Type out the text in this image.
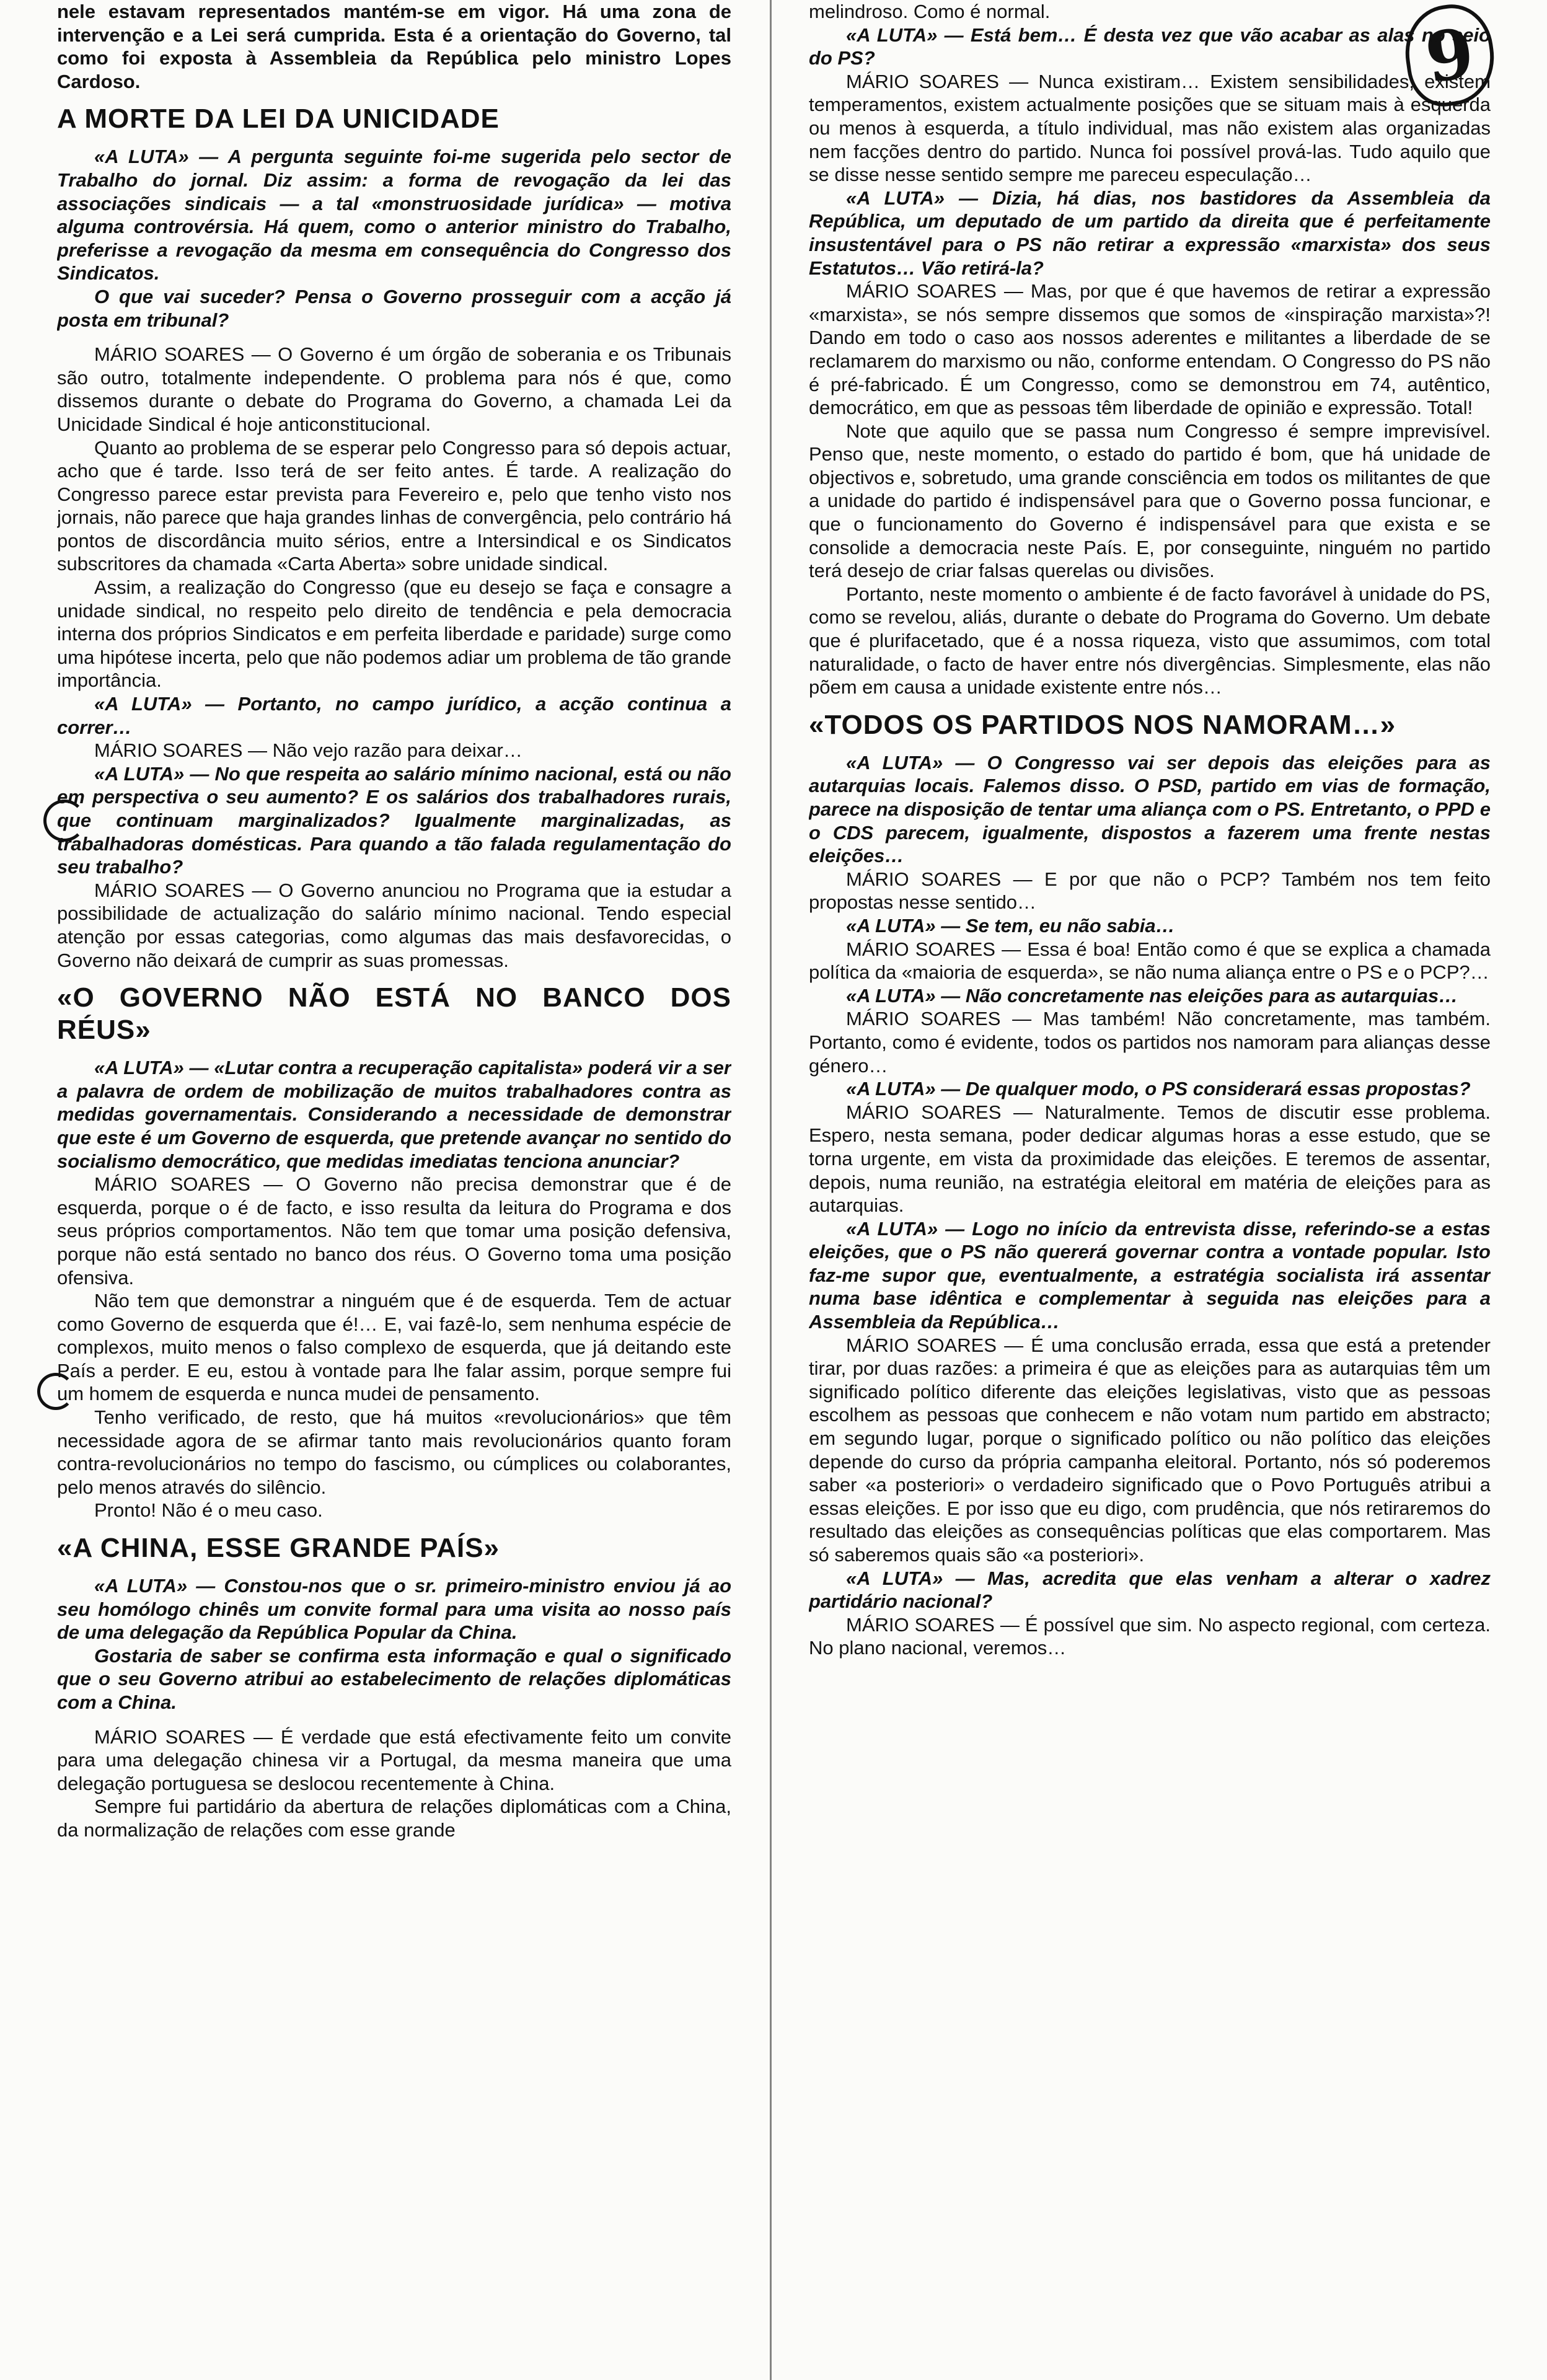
9

nele estavam representados mantém-se em vigor. Há uma zona de intervenção e a Lei será cumprida. Esta é a orientação do Governo, tal como foi exposta à Assembleia da República pelo ministro Lopes Cardoso.

A MORTE DA LEI DA UNICIDADE

«A LUTA» — A pergunta seguinte foi-me sugerida pelo sector de Trabalho do jornal. Diz assim: a forma de revogação da lei das associações sindicais — a tal «monstruosidade jurídica» — motiva alguma controvérsia. Há quem, como o anterior ministro do Trabalho, preferisse a revogação da mesma em consequência do Congresso dos Sindicatos.

O que vai suceder? Pensa o Governo prosseguir com a acção já posta em tribunal?

MÁRIO SOARES — O Governo é um órgão de soberania e os Tribunais são outro, totalmente independente. O problema para nós é que, como dissemos durante o debate do Programa do Governo, a chamada Lei da Unicidade Sindical é hoje anticonstitucional.

Quanto ao problema de se esperar pelo Congresso para só depois actuar, acho que é tarde. Isso terá de ser feito antes. É tarde. A realização do Congresso parece estar prevista para Fevereiro e, pelo que tenho visto nos jornais, não parece que haja grandes linhas de convergência, pelo contrário há pontos de discordância muito sérios, entre a Intersindical e os Sindicatos subscritores da chamada «Carta Aberta» sobre unidade sindical.

Assim, a realização do Congresso (que eu desejo se faça e consagre a unidade sindical, no respeito pelo direito de tendência e pela democracia interna dos próprios Sindicatos e em perfeita liberdade e paridade) surge como uma hipótese incerta, pelo que não podemos adiar um problema de tão grande importância.

«A LUTA» — Portanto, no campo jurídico, a acção continua a correr…

MÁRIO SOARES — Não vejo razão para deixar…

«A LUTA» — No que respeita ao salário mínimo nacional, está ou não em perspectiva o seu aumento? E os salários dos trabalhadores rurais, que continuam marginalizados? Igualmente marginalizadas, as trabalhadoras domésticas. Para quando a tão falada regulamentação do seu trabalho?

MÁRIO SOARES — O Governo anunciou no Programa que ia estudar a possibilidade de actualização do salário mínimo nacional. Tendo especial atenção por essas categorias, como algumas das mais desfavorecidas, o Governo não deixará de cumprir as suas promessas.

«O GOVERNO NÃO ESTÁ NO BANCO DOS RÉUS»

«A LUTA» — «Lutar contra a recuperação capitalista» poderá vir a ser a palavra de ordem de mobilização de muitos trabalhadores contra as medidas governamentais. Considerando a necessidade de demonstrar que este é um Governo de esquerda, que pretende avançar no sentido do socialismo democrático, que medidas imediatas tenciona anunciar?

MÁRIO SOARES — O Governo não precisa demonstrar que é de esquerda, porque o é de facto, e isso resulta da leitura do Programa e dos seus próprios comportamentos. Não tem que tomar uma posição defensiva, porque não está sentado no banco dos réus. O Governo toma uma posição ofensiva.

Não tem que demonstrar a ninguém que é de esquerda. Tem de actuar como Governo de esquerda que é!… E, vai fazê-lo, sem nenhuma espécie de complexos, muito menos o falso complexo de esquerda, que já deitando este País a perder. E eu, estou à vontade para lhe falar assim, porque sempre fui um homem de esquerda e nunca mudei de pensamento.

Tenho verificado, de resto, que há muitos «revolucionários» que têm necessidade agora de se afirmar tanto mais revolucionários quanto foram contra-revolucionários no tempo do fascismo, ou cúmplices ou colaborantes, pelo menos através do silêncio.

Pronto! Não é o meu caso.

«A CHINA, ESSE GRANDE PAÍS»

«A LUTA» — Constou-nos que o sr. primeiro-ministro enviou já ao seu homólogo chinês um convite formal para uma visita ao nosso país de uma delegação da República Popular da China.

Gostaria de saber se confirma esta informação e qual o significado que o seu Governo atribui ao estabelecimento de relações diplomáticas com a China.

MÁRIO SOARES — É verdade que está efectivamente feito um convite para uma delegação chinesa vir a Portugal, da mesma maneira que uma delegação portuguesa se deslocou recentemente à China.

Sempre fui partidário da abertura de relações diplomáticas com a China, da normalização de relações com esse grande

melindroso. Como é normal.

«A LUTA» — Está bem… É desta vez que vão acabar as alas no seio do PS?

MÁRIO SOARES — Nunca existiram… Existem sensibilidades, existem temperamentos, existem actualmente posições que se situam mais à esquerda ou menos à esquerda, a título individual, mas não existem alas organizadas nem facções dentro do partido. Nunca foi possível prová-las. Tudo aquilo que se disse nesse sentido sempre me pareceu especulação…

«A LUTA» — Dizia, há dias, nos bastidores da Assembleia da República, um deputado de um partido da direita que é perfeitamente insustentável para o PS não retirar a expressão «marxista» dos seus Estatutos… Vão retirá-la?

MÁRIO SOARES — Mas, por que é que havemos de retirar a expressão «marxista», se nós sempre dissemos que somos de «inspiração marxista»?! Dando em todo o caso aos nossos aderentes e militantes a liberdade de se reclamarem do marxismo ou não, conforme entendam. O Congresso do PS não é pré-fabricado. É um Congresso, como se demonstrou em 74, autêntico, democrático, em que as pessoas têm liberdade de opinião e expressão. Total!

Note que aquilo que se passa num Congresso é sempre imprevisível. Penso que, neste momento, o estado do partido é bom, que há unidade de objectivos e, sobretudo, uma grande consciência em todos os militantes de que a unidade do partido é indispensável para que o Governo possa funcionar, e que o funcionamento do Governo é indispensável para que exista e se consolide a democracia neste País. E, por conseguinte, ninguém no partido terá desejo de criar falsas querelas ou divisões.

Portanto, neste momento o ambiente é de facto favorável à unidade do PS, como se revelou, aliás, durante o debate do Programa do Governo. Um debate que é plurifacetado, que é a nossa riqueza, visto que assumimos, com total naturalidade, o facto de haver entre nós divergências. Simplesmente, elas não põem em causa a unidade existente entre nós…

«TODOS OS PARTIDOS NOS NAMORAM…»

«A LUTA» — O Congresso vai ser depois das eleições para as autarquias locais. Falemos disso. O PSD, partido em vias de formação, parece na disposição de tentar uma aliança com o PS. Entretanto, o PPD e o CDS parecem, igualmente, dispostos a fazerem uma frente nestas eleições…

MÁRIO SOARES — E por que não o PCP? Também nos tem feito propostas nesse sentido…

«A LUTA» — Se tem, eu não sabia…

MÁRIO SOARES — Essa é boa! Então como é que se explica a chamada política da «maioria de esquerda», se não numa aliança entre o PS e o PCP?…

«A LUTA» — Não concretamente nas eleições para as autarquias…

MÁRIO SOARES — Mas também! Não concretamente, mas também. Portanto, como é evidente, todos os partidos nos namoram para alianças desse género…

«A LUTA» — De qualquer modo, o PS considerará essas propostas?

MÁRIO SOARES — Naturalmente. Temos de discutir esse problema. Espero, nesta semana, poder dedicar algumas horas a esse estudo, que se torna urgente, em vista da proximidade das eleições. E teremos de assentar, depois, numa reunião, na estratégia eleitoral em matéria de eleições para as autarquias.

«A LUTA» — Logo no início da entrevista disse, referindo-se a estas eleições, que o PS não quererá governar contra a vontade popular. Isto faz-me supor que, eventualmente, a estratégia socialista irá assentar numa base idêntica e complementar à seguida nas eleições para a Assembleia da República…

MÁRIO SOARES — É uma conclusão errada, essa que está a pretender tirar, por duas razões: a primeira é que as eleições para as autarquias têm um significado político diferente das eleições legislativas, visto que as pessoas escolhem as pessoas que conhecem e não votam num partido em abstracto; em segundo lugar, porque o significado político ou não político das eleições depende do curso da própria campanha eleitoral. Portanto, nós só poderemos saber «a posteriori» o verdadeiro significado que o Povo Português atribui a essas eleições. E por isso que eu digo, com prudência, que nós retiraremos do resultado das eleições as consequências políticas que elas comportarem. Mas só saberemos quais são «a posteriori».

«A LUTA» — Mas, acredita que elas venham a alterar o xadrez partidário nacional?

MÁRIO SOARES — É possível que sim. No aspecto regional, com certeza. No plano nacional, veremos…
